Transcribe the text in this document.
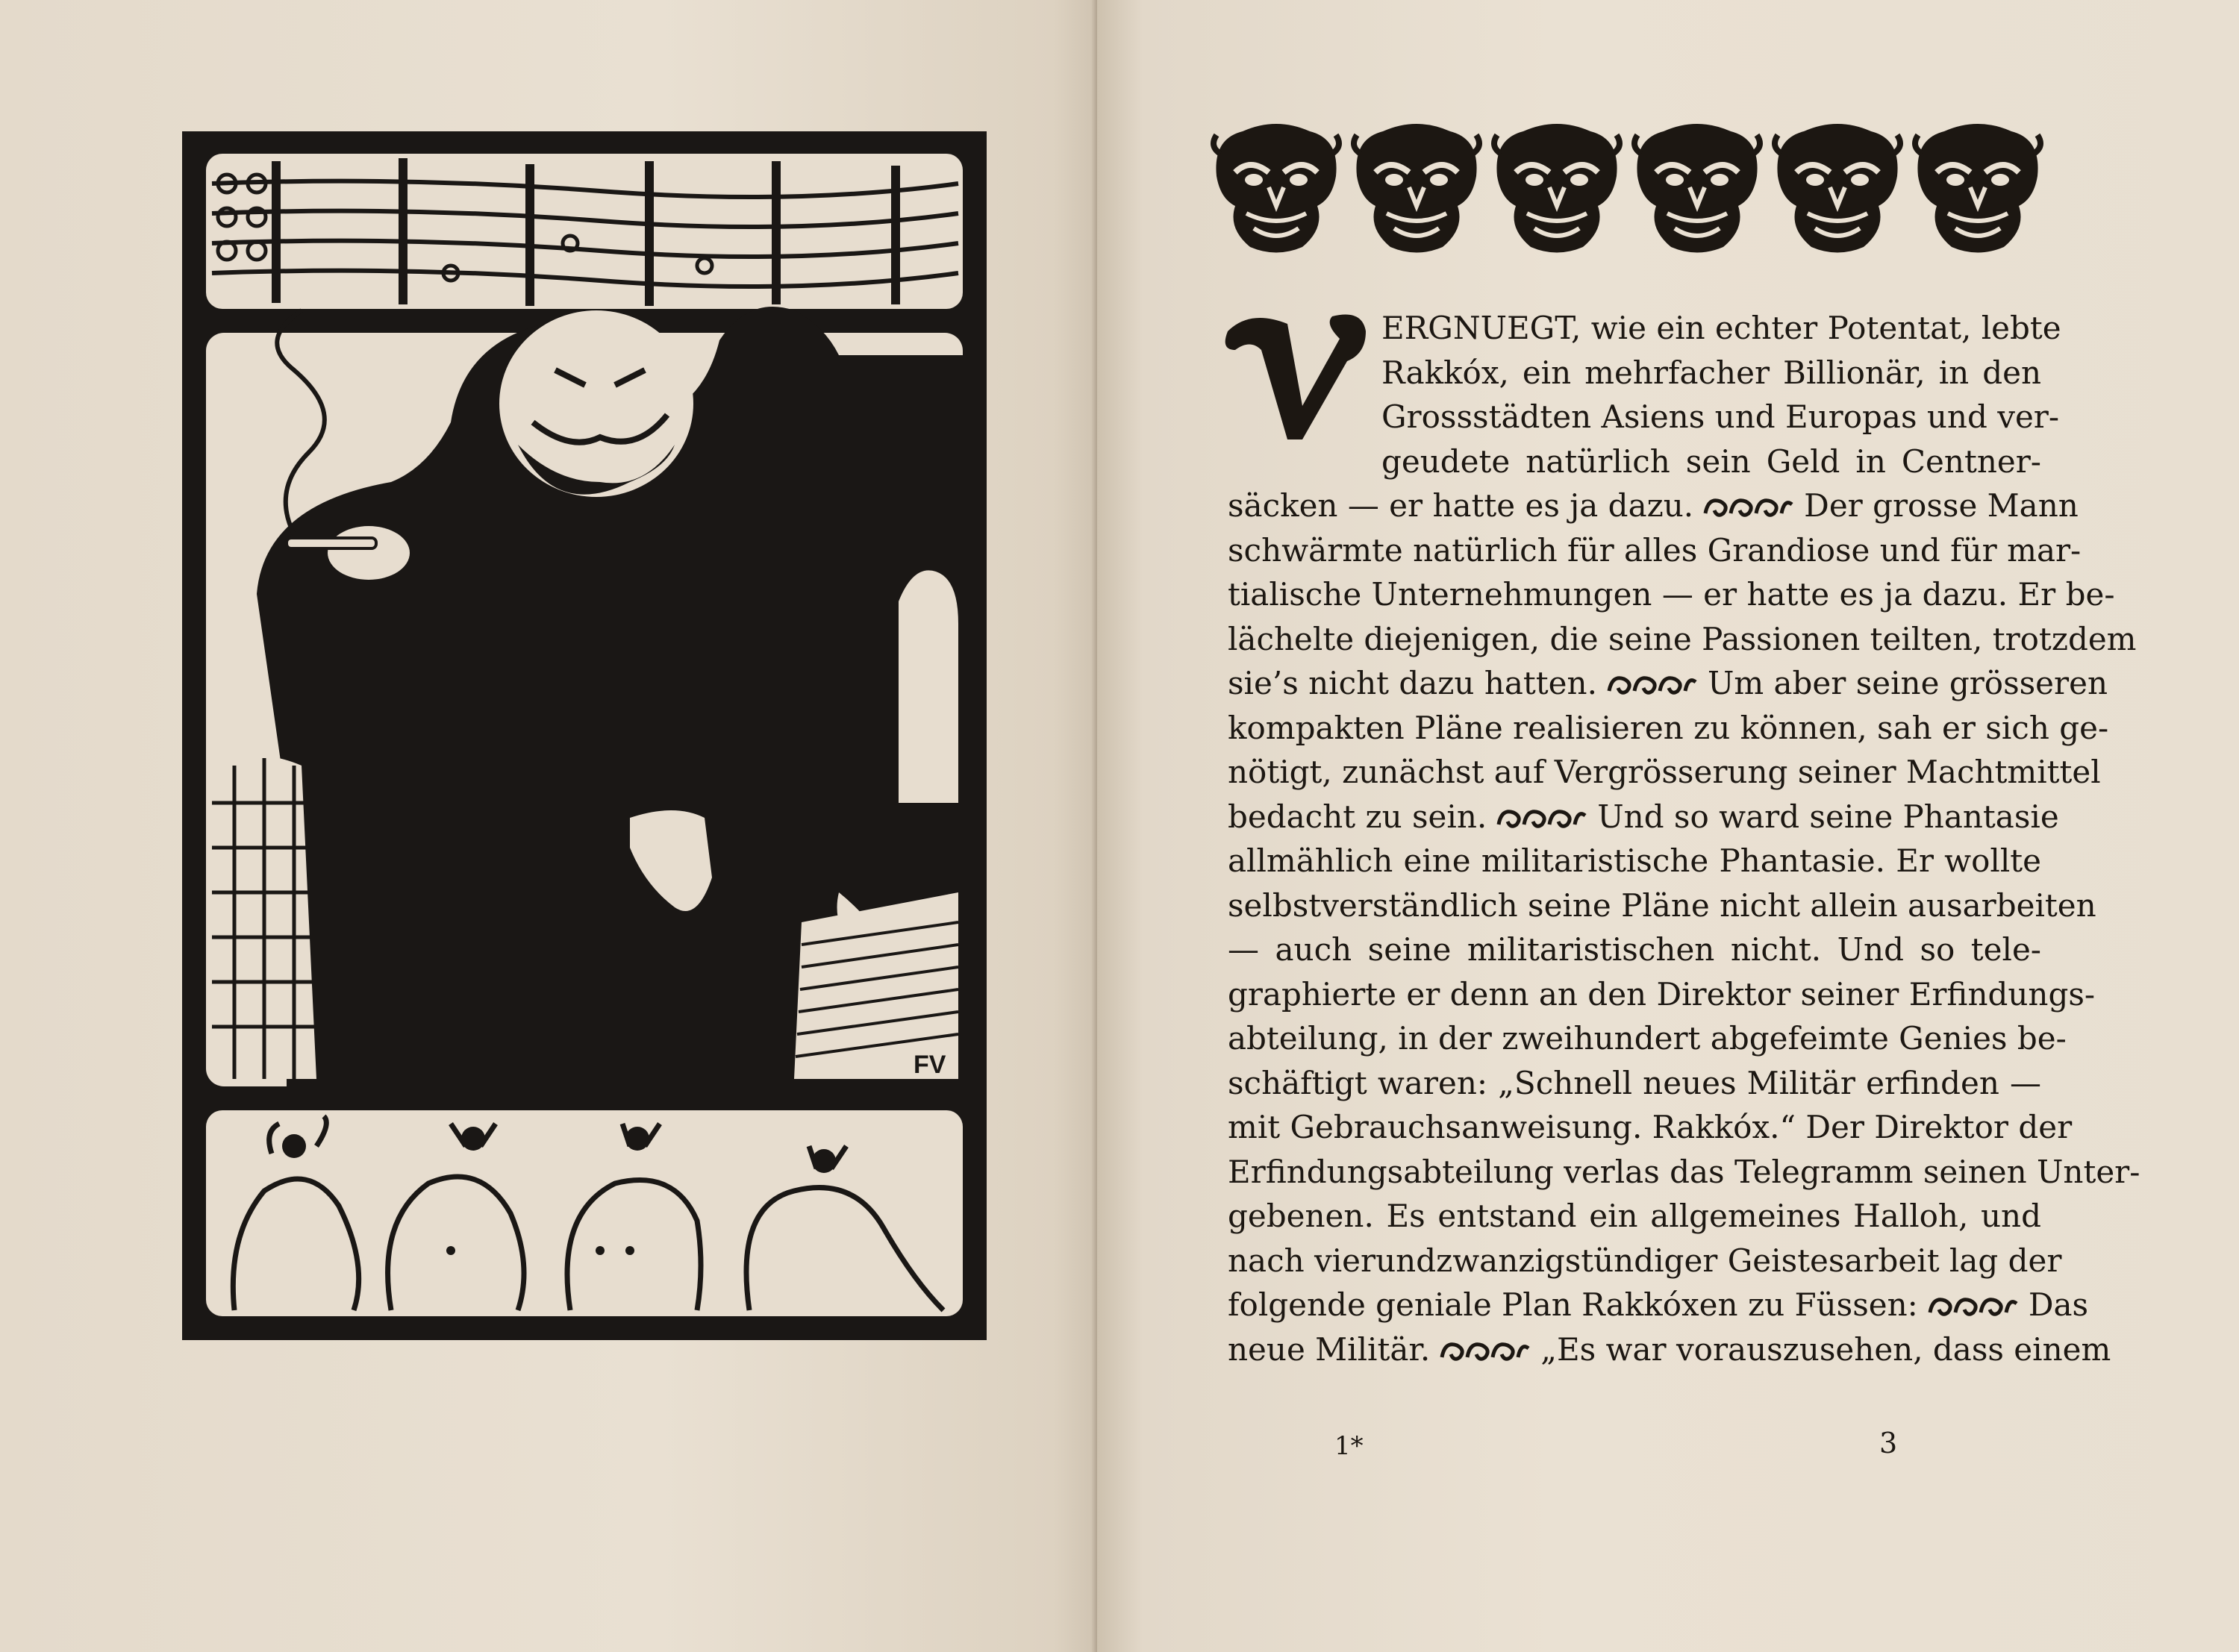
FV
ERGNUEGT, wie ein echter Potentat, lebte
Rakkóx, ein mehrfacher Billionär, in den
Grossstädten Asiens und Europas und ver-
geudete natürlich sein Geld in Centner-
säcken — er hatte es ja dazu.	Der grosse Mann
schwärmte natürlich für alles Grandiose und für mar-
tialische Unternehmungen — er hatte es ja dazu. Er be-
lächelte diejenigen, die seine Passionen teilten, trotzdem
sie’s nicht dazu hatten.	Um aber seine grösseren
kompakten Pläne realisieren zu können, sah er sich ge-
nötigt, zunächst auf Vergrösserung seiner Machtmittel
bedacht zu sein.	Und so ward seine Phantasie
allmählich eine militaristische Phantasie. Er wollte
selbstverständlich seine Pläne nicht allein ausarbeiten
— auch seine militaristischen nicht. Und so tele-
graphierte er denn an den Direktor seiner Erfindungs-
abteilung, in der zweihundert abgefeimte Genies be-
schäftigt waren: „Schnell neues Militär erfinden —
mit Gebrauchsanweisung. Rakkóx.“ Der Direktor der
Erfindungsabteilung verlas das Telegramm seinen Unter-
gebenen. Es entstand ein allgemeines Halloh, und
nach vierundzwanzigstündiger Geistesarbeit lag der
folgende geniale Plan Rakkóxen zu Füssen:	Das
neue Militär.	„Es war vorauszusehen, dass einem
1*	3
